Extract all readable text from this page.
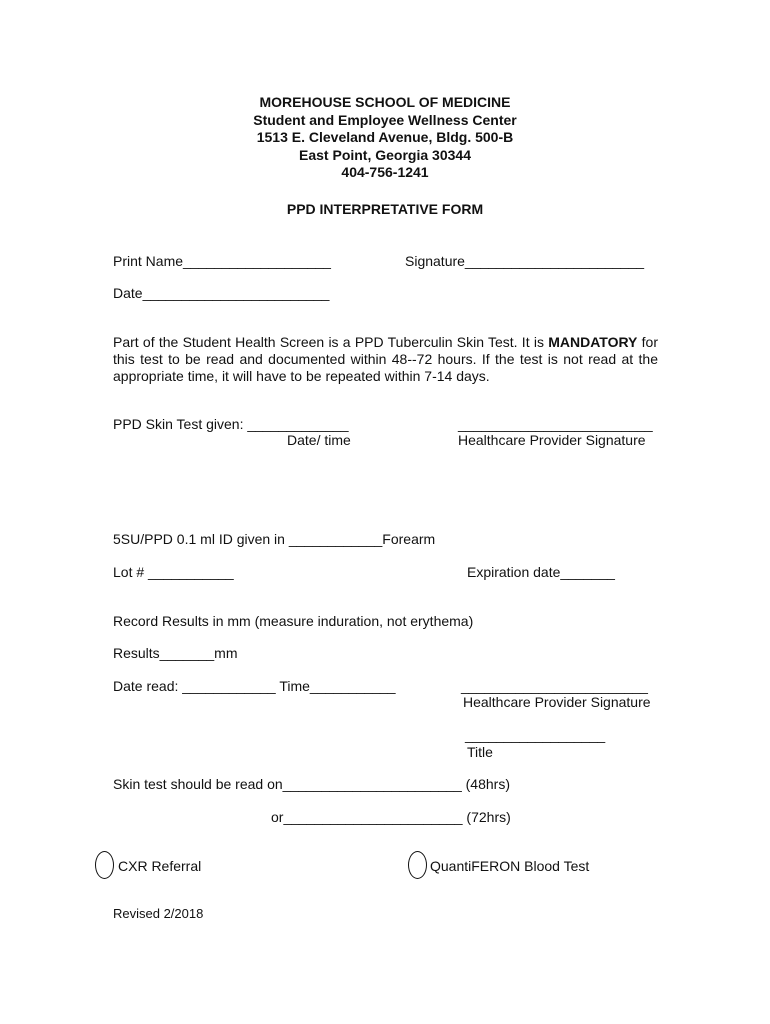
MOREHOUSE SCHOOL OF MEDICINE
Student and Employee Wellness Center
1513 E. Cleveland Avenue, Bldg. 500-B
East Point, Georgia 30344
404-756-1241
PPD INTERPRETATIVE FORM
Print Name___________________	Signature_______________________
Date________________________
Part of the Student Health Screen is a PPD Tuberculin Skin Test. It is MANDATORY for this test to be read and documented within 48--72 hours. If the test is not read at the appropriate time, it will have to be repeated within 7-14 days.
PPD Skin Test given: _____________
Date/ time
_________________________
Healthcare Provider Signature
5SU/PPD 0.1 ml ID given in ____________Forearm
Lot # ___________	Expiration date_______
Record Results in mm (measure induration, not erythema)
Results_______mm
Date read: ____________ Time___________	________________________
Healthcare Provider Signature
__________________
Title
Skin test should be read on_______________________ (48hrs)
or_______________________ (72hrs)
CXR Referral	QuantiFERON Blood Test
Revised 2/2018
